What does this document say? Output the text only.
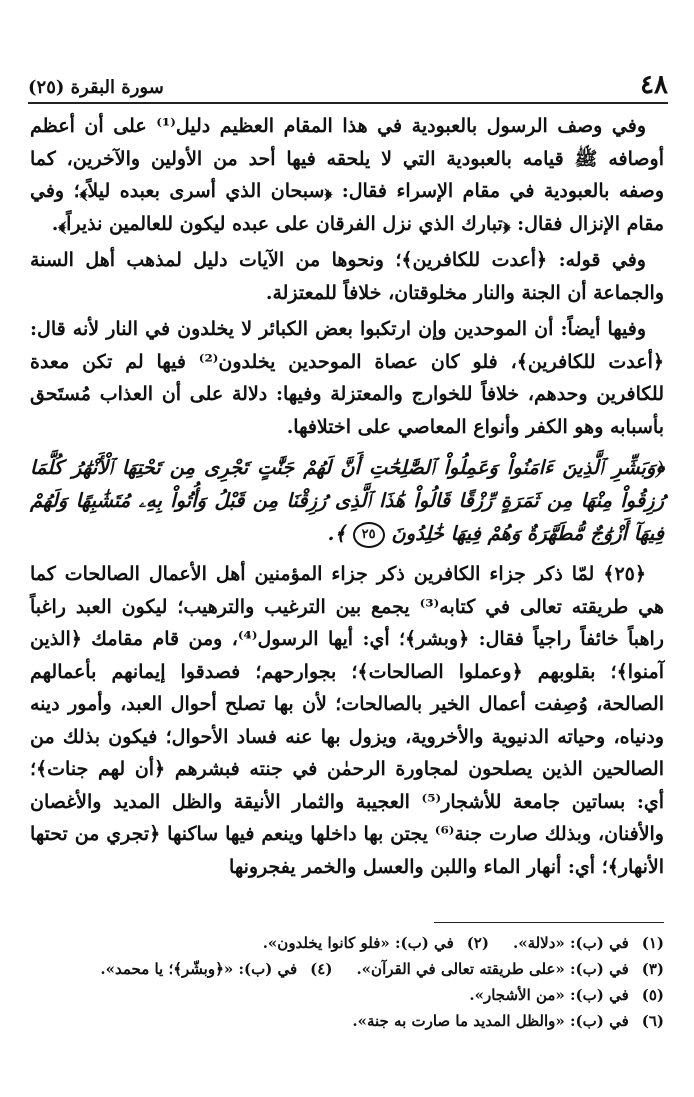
٤٨
سورة البقرة (٢٥)

وفي وصف الرسول بالعبودية في هذا المقام العظيم دليل⁽¹⁾ على أن أعظم أوصافه ﷺ قيامه بالعبودية التي لا يلحقه فيها أحد من الأولين والآخرين، كما وصفه بالعبودية في مقام الإسراء فقال: ﴿سبحان الذي أسرى بعبده ليلاً﴾؛ وفي مقام الإنزال فقال: ﴿تبارك الذي نزل الفرقان على عبده ليكون للعالمين نذيراً﴾.

وفي قوله: ﴿أعدت للكافرين﴾؛ ونحوها من الآيات دليل لمذهب أهل السنة والجماعة أن الجنة والنار مخلوقتان، خلافاً للمعتزلة.

وفيها أيضاً: أن الموحدين وإن ارتكبوا بعض الكبائر لا يخلدون في النار لأنه قال: ﴿أعدت للكافرين﴾، فلو كان عصاة الموحدين يخلدون⁽²⁾ فيها لم تكن معدة للكافرين وحدهم، خلافاً للخوارج والمعتزلة وفيها: دلالة على أن العذاب مُستَحق بأسبابه وهو الكفر وأنواع المعاصي على اختلافها.

﴿وَبَشِّرِ ٱلَّذِينَ ءَامَنُواْ وَعَمِلُواْ ٱلصَّٰلِحَٰتِ أَنَّ لَهُمْ جَنَّٰتٍ تَجْرِى مِن تَحْتِهَا ٱلْأَنْهَٰرُ كُلَّمَا رُزِقُواْ مِنْهَا مِن ثَمَرَةٍ رِّزْقًا قَالُواْ هَٰذَا ٱلَّذِى رُزِقْنَا مِن قَبْلُ وَأُتُواْ بِهِۦ مُتَشَٰبِهًا وَلَهُمْ فِيهَآ أَزْوَٰجٌ مُّطَهَّرَةٌ وَهُمْ فِيهَا خَٰلِدُونَ ٢٥ ﴾.

﴿٢٥﴾ لمّا ذكر جزاء الكافرين ذكر جزاء المؤمنين أهل الأعمال الصالحات كما هي طريقته تعالى في كتابه⁽³⁾ يجمع بين الترغيب والترهيب؛ ليكون العبد راغباً راهباً خائفاً راجياً فقال: ﴿وبشر﴾؛ أي: أيها الرسول⁽⁴⁾، ومن قام مقامك ﴿الذين آمنوا﴾؛ بقلوبهم ﴿وعملوا الصالحات﴾؛ بجوارحهم؛ فصدقوا إيمانهم بأعمالهم الصالحة، وُصِفت أعمال الخير بالصالحات؛ لأن بها تصلح أحوال العبد، وأمور دينه ودنياه، وحياته الدنيوية والأخروية، ويزول بها عنه فساد الأحوال؛ فيكون بذلك من الصالحين الذين يصلحون لمجاورة الرحمٰن في جنته فبشرهم ﴿أن لهم جنات﴾؛ أي: بساتين جامعة للأشجار⁽⁵⁾ العجيبة والثمار الأنيقة والظل المديد والأغصان والأفنان، وبذلك صارت جنة⁽⁶⁾ يجتن بها داخلها وينعم فيها ساكنها ﴿تجري من تحتها الأنهار﴾؛ أي: أنهار الماء واللبن والعسل والخمر يفجرونها

(١) في (ب): «دلالة».
(٢) في (ب): «فلو كانوا يخلدون».
(٣) في (ب): «على طريقته تعالى في القرآن».
(٤) في (ب): «﴿وبشّر﴾؛ يا محمد».
(٥) في (ب): «من الأشجار».
(٦) في (ب): «والظل المديد ما صارت به جنة».
